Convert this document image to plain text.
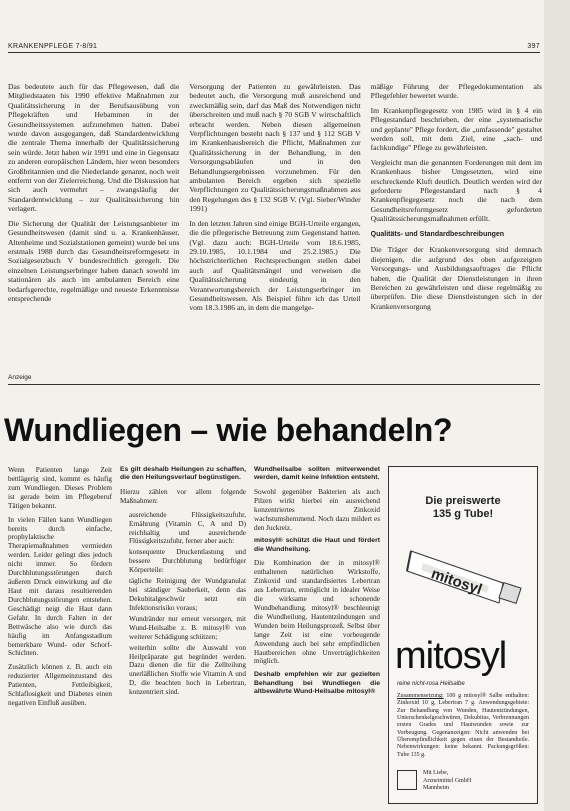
KRANKENPFLEGE 7-8/91	397

Das bedeutete auch für das Pflegewesen, daß die Mitgliedstaaten bis 1990 effektive Maßnahmen zur Qualitätssicherung in der Berufsausübung von Pflegekräften und Hebammen in der Gesundheitssystemen aufzunehmen hatten. Dabei wurde davon ausgegangen, daß Standardentwicklung die zentrale Thema innerhalb der Qualitätssicherung sein würde. Jetzt haben wir 1991 und eine in Gegensatz zu anderen europäischen Ländern, hier wenn besonders Großbritannien und die Niederlande genannt, noch weit entfernt von der Zielerreichung. Und die Diskussion hat sich auch vermehrt – zwangsläufig der Standardentwicklung – zur Qualitätssicherung hin verlagert.

Die Sicherung der Qualität der Leistungsanbieter im Gesundheitswesen (damit sind u. a. Krankenhäuser, Altenheime und Sozialstationen gemeint) wurde bei uns erstmals 1988 durch das Gesundheitsreformgesetz in Sozialgesetzbuch V bundesrechtlich geregelt. Die einzelnen Leistungserbringer haben danach sowohl im stationären als auch im ambulanten Bereich eine bedarfsgerechte, regelmäßige und neueste Erkenntnisse entsprechende

Versorgung der Patienten zu gewährleisten. Das bedeutet auch, die Versorgung muß ausreichend und zweckmäßig sein, darf das Maß des Notwendigen nicht überschreiten und muß nach § 70 SGB V wirtschaftlich erbracht werden. Neben diesen allgemeinen Verpflichtungen besteht nach § 137 und § 112 SGB V im Krankenhausbereich die Pflicht, Maßnahmen zur Qualitätssicherung in der Behandlung, in den Versorgungsabläufen und in den Behandlungsergebnissen vorzunehmen. Für den ambulanten Bereich ergeben sich spezielle Verpflichtungen zu Qualitätssicherungsmaßnahmen aus den Regelungen des § 132 SGB V. (Vgl. Sieber/Winder 1991)

In den letzten Jahren sind einige BGH-Urteile ergangen, die die pflegerische Betreuung zum Gegenstand hatten. (Vgl. dazu auch: BGH-Urteile vom 18.6.1985, 29.10.1985, 10.1.1984 und 25.2.1985.) Die höchstrichterlichen Rechtsprechungen stellen dabei auch auf Qualitätsmängel und verweisen die Qualitätssicherung eindeutig in den Verantwortungsbereich der Leistungserbringer im Gesundheitswesen. Als Beispiel führe ich das Urteil vom 18.3.1986 an, in dem die mangelge-

mäßige Führung der Pflegedokumentation als Pflegefehler bewertet wurde.

Im Krankenpflegegesetz von 1985 wird in § 4 ein Pflegestandard beschrieben, der eine „systematische und geplante" Pflege fordert, die „umfassende" gestaltet werden soll, mit dem Ziel, eine „sach- und fachkundige" Pflege zu gewährleisten.

Vergleicht man die genannten Forderungen mit dem im Krankenhaus bisher Umgesetzten, wird eine erschreckende Kluft deutlich. Deutlich werden wird der geforderte Pflegestandard nach § 4 Krankenpflegegesetz noch die nach dem Gesundheitsreformgesetz geforderten Qualitätssicherungsmaßnahmen erfüllt.

Qualitäts- und Standardbeschreibungen

Die Träger der Krankenversorgung sind demnach diejenigen, die aufgrund des oben aufgezeigten Versorgungs- und Ausbildungsauftrages die Pflicht haben, die Qualität der Dienstleistungen in ihren Bereichen zu gewährleisten und diese regelmäßig zu überprüfen. Die diese Dienstleistungen sich in der Krankenversorgung

Anzeige
Wundliegen – wie behandeln?

Wenn Patienten lange Zeit bettlägerig sind, kommt es häufig zum Wundliegen. Dieses Problem ist gerade beim im Pflegeberuf Tätigen bekannt.

In vielen Fällen kann Wundliegen bereits durch einfache, prophylaktische Therapiemaßnahmen vermieden werden. Leider gelingt dies jedoch nicht immer. So fördern Durchblutungsstörungen durch äußeren Druck einwirkung auf die Haut mit daraus resultierenden Durchblutungsstörungen entstehen. Geschädigt neigt die Haut dann Gefahr. In durch Falten in der Bettwäsche also wie durch das häufig im Anfangsstadium bemerkbare Wund- oder Schorf-Schichten.

Zusätzlich können z. B. auch ein reduzierter Allgemeinzustand des Patienten, Fettleibigkeit, Schlaflosigkeit und Diabetes einen negativen Einfluß ausüben.

Es gilt deshalb Heilungen zu schaffen, die den Heilungsverlauf begünstigen.

Hierzu zählen vor allem folgende Maßnahmen:

• ausreichende Flüssigkeitszufuhr, Ernährung (Vitamin C, A und D) reichhaltig und ausreichende Flüssigkeitszufuhr, ferner aber auch:
• konsequente Druckentlastung und bessere Durchblutung bedürftiger Körperteile:
• tägliche Reinigung der Wundgranulat bei ständiger Sauberkeit, denn das Dekubitalgeschwür setzt ein Infektionsrisiko voraus;
• Wundränder nur erneut versorgen, mit Wund-Heilsalbe z. B. mitosyl® von weiterer Schädigung schützen;
• weiterhin sollte die Auswahl von Heilpräparate gut begründet werden. Dazu dienen die für die Zellteilung unerläßlichen Stoffe wie Vitamin A und D, die beachten hoch in Lebertran, konzentriert sind.

Wundheilsalbe sollten mitverwendet werden, damit keine Infektion entsteht.

Sowohl gegenüber Bakterien als auch Pilzen wirkt hierbei ein ausreichend konzentriertes Zinkoxid wachstumshemmend. Noch dazu mildert es den Juckreiz.

mitosyl® schützt die Haut und fördert die Wundheilung.

Die Kombination der in mitosyl® enthaltenen natürlichen Wirkstoffe, Zinkoxid und standardisiertes Lebertran aus Lebertran, ermöglicht in idealer Weise die wirksame und schonende Wundbehandlung. mitosyl® beschleunigt die Wundheilung, Hautentzündungen und Wunden beim Heilungsprozeß. Selbst über lange Zeit ist eine vorbeugende Anwendung auch bei sehr empfindlichen Hautbereichen ohne Unverträglichkeiten möglich.

Deshalb empfehlen wir zur gezielten Behandlung bei Wundliegen die altbewährte Wund-Heilsalbe mitosyl®

Die preiswerte
135 g Tube!
mitosyl
mitosyl
reine nicht-rosa Heilsalbe
Zusammensetzung: 100 g mitosyl® Salbe enthalten: Zinkoxid 10 g, Lebertran 7 g. Anwendungsgebiete: Zur Behandlung von Wunden, Hautentzündungen, Unterschenkelgeschwüren, Dekubitus, Verbrennungen ersten Grades und Hautwunden sowie zur Vorbeugung. Gegenanzeigen: Nicht anwenden bei Überempfindlichkeit gegen einen der Bestandteile. Nebenwirkungen: keine bekannt. Packungsgrößen: Tube 135 g.
Mit Liebe,
Arzneimittel GmbH
Mannheim
